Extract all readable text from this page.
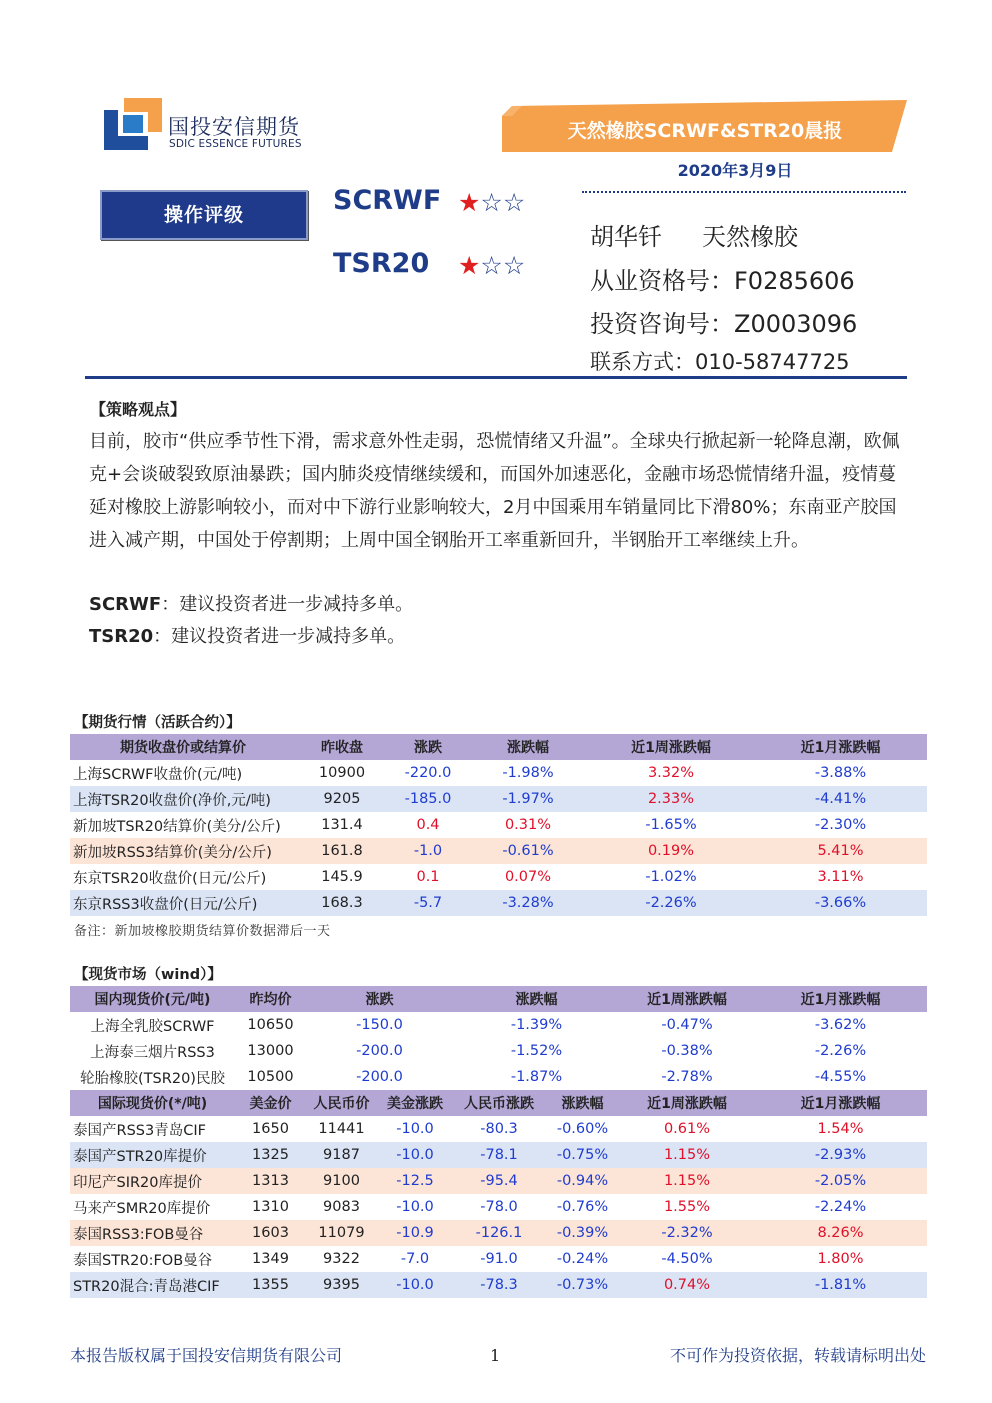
国投安信期货
SDIC ESSENCE FUTURES
天然橡胶SCRWF&STR20晨报
2020年3月9日
操作评级	SCRWF ★☆☆
TSR20 ★☆☆
胡华钎 天然橡胶
从业资格号：F0285606
投资咨询号：Z0003096
联系方式：010-58747725
【策略观点】
目前，胶市“供应季节性下滑，需求意外性走弱，恐慌情绪又升温”。全球央行掀起新一轮降息潮，欧佩克+会谈破裂致原油暴跌；国内肺炎疫情继续缓和，而国外加速恶化，金融市场恐慌情绪升温，疫情蔓延对橡胶上游影响较小，而对中下游行业影响较大，2月中国乘用车销量同比下滑80%；东南亚产胶国进入减产期，中国处于停割期；上周中国全钢胎开工率重新回升，半钢胎开工率继续上升。
SCRWF：建议投资者进一步减持多单。
TSR20：建议投资者进一步减持多单。
【期货行情（活跃合约）】
期货收盘价或结算价	昨收盘	涨跌	涨跌幅	近1周涨跌幅	近1月涨跌幅
上海SCRWF收盘价(元/吨)	10900	-220.0	-1.98%	3.32%	-3.88%
上海TSR20收盘价(净价,元/吨)	9205	-185.0	-1.97%	2.33%	-4.41%
新加坡TSR20结算价(美分/公斤)	131.4	0.4	0.31%	-1.65%	-2.30%
新加坡RSS3结算价(美分/公斤)	161.8	-1.0	-0.61%	0.19%	5.41%
东京TSR20收盘价(日元/公斤)	145.9	0.1	0.07%	-1.02%	3.11%
东京RSS3收盘价(日元/公斤)	168.3	-5.7	-3.28%	-2.26%	-3.66%
备注：新加坡橡胶期货结算价数据滞后一天
【现货市场（wind）】
国内现货价(元/吨)	昨均价	涨跌		涨跌幅		近1周涨跌幅	近1月涨跌幅
上海全乳胶SCRWF	10650	-150.0		-1.39%		-0.47%	-3.62%
上海泰三烟片RSS3	13000	-200.0		-1.52%		-0.38%	-2.26%
轮胎橡胶(TSR20)民胶	10500	-200.0		-1.87%		-2.78%	-4.55%
国际现货价(*/吨)	美金价	人民币价	美金涨跌	人民币涨跌	涨跌幅	近1周涨跌幅	近1月涨跌幅
泰国产RSS3青岛CIF	1650	11441	-10.0	-80.3	-0.60%	0.61%	1.54%
泰国产STR20库提价	1325	9187	-10.0	-78.1	-0.75%	1.15%	-2.93%
印尼产SIR20库提价	1313	9100	-12.5	-95.4	-0.94%	1.15%	-2.05%
马来产SMR20库提价	1310	9083	-10.0	-78.0	-0.76%	1.55%	-2.24%
泰国RSS3:FOB曼谷	1603	11079	-10.9	-126.1	-0.39%	-2.32%	8.26%
泰国STR20:FOB曼谷	1349	9322	-7.0	-91.0	-0.24%	-4.50%	1.80%
STR20混合:青岛港CIF	1355	9395	-10.0	-78.3	-0.73%	0.74%	-1.81%
本报告版权属于国投安信期货有限公司	1	不可作为投资依据，转载请标明出处
